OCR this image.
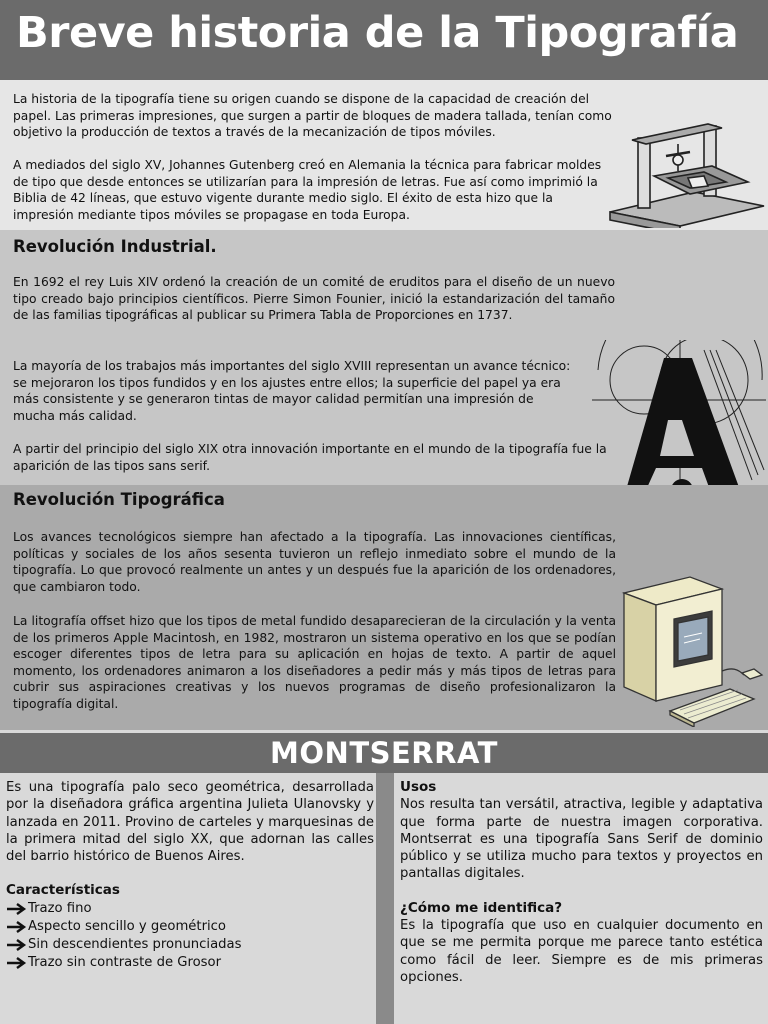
Breve historia de la Tipografía

La historia de la tipografía tiene su origen cuando se dispone de la capacidad de creación del papel. Las primeras impresiones, que surgen a partir de bloques de madera tallada, tenían como objetivo la producción de textos a través de la mecanización de tipos móviles.

A mediados del siglo XV, Johannes Gutenberg creó en Alemania la técnica para fabricar moldes de tipo que desde entonces se utilizarían para la impresión de letras. Fue así como imprimió la Biblia de 42 líneas, que estuvo vigente durante medio siglo. El éxito de esta hizo que la impresión mediante tipos móviles se propagase en toda Europa.

Revolución Industrial.

En 1692 el rey Luis XIV ordenó la creación de un comité de eruditos para el diseño de un nuevo tipo creado bajo principios científicos. Pierre Simon Founier, inició la estandarización del tamaño de las familias tipográficas al publicar su Primera Tabla de Proporciones en 1737.

La mayoría de los trabajos más importantes del siglo XVIII representan un avance técnico: se mejoraron los tipos fundidos y en los ajustes entre ellos; la superficie del papel ya era más consistente y se generaron tintas de mayor calidad permitían una impresión de mucha más calidad.

A partir del principio del siglo XIX otra innovación importante en el mundo de la tipografía fue la aparición de las tipos sans serif.

Revolución Tipográfica

Los avances tecnológicos siempre han afectado a la tipografía. Las innovaciones científicas, políticas y sociales de los años sesenta tuvieron un reflejo inmediato sobre el mundo de la tipografía. Lo que provocó realmente un antes y un después fue la aparición de los ordenadores, que cambiaron todo.

La litografía offset hizo que los tipos de metal fundido desaparecieran de la circulación y la venta de los primeros Apple Macintosh, en 1982, mostraron un sistema operativo en los que se podían escoger diferentes tipos de letra para su aplicación en hojas de texto. A partir de aquel momento, los ordenadores animaron a los diseñadores a pedir más y más tipos de letras para cubrir sus aspiraciones creativas y los nuevos programas de diseño profesionalizaron la tipografía digital.

MONTSERRAT

Es una tipografía palo seco geométrica, desarrollada por la diseñadora gráfica argentina Julieta Ulanovsky y lanzada en 2011. Provino de carteles y marquesinas de la primera mitad del siglo XX, que adornan las calles del barrio histórico de Buenos Aires.

Características
Trazo fino
Aspecto sencillo y geométrico
Sin descendientes pronunciadas
Trazo sin contraste de Grosor
Usos

Nos resulta tan versátil, atractiva, legible y adaptativa que forma parte de nuestra imagen corporativa. Montserrat es una tipografía Sans Serif de dominio público y se utiliza mucho para textos y proyectos en pantallas digitales.

¿Cómo me identifica?

Es la tipografía que uso en cualquier documento en que se me permita porque me parece tanto estética como fácil de leer. Siempre es de mis primeras opciones.
